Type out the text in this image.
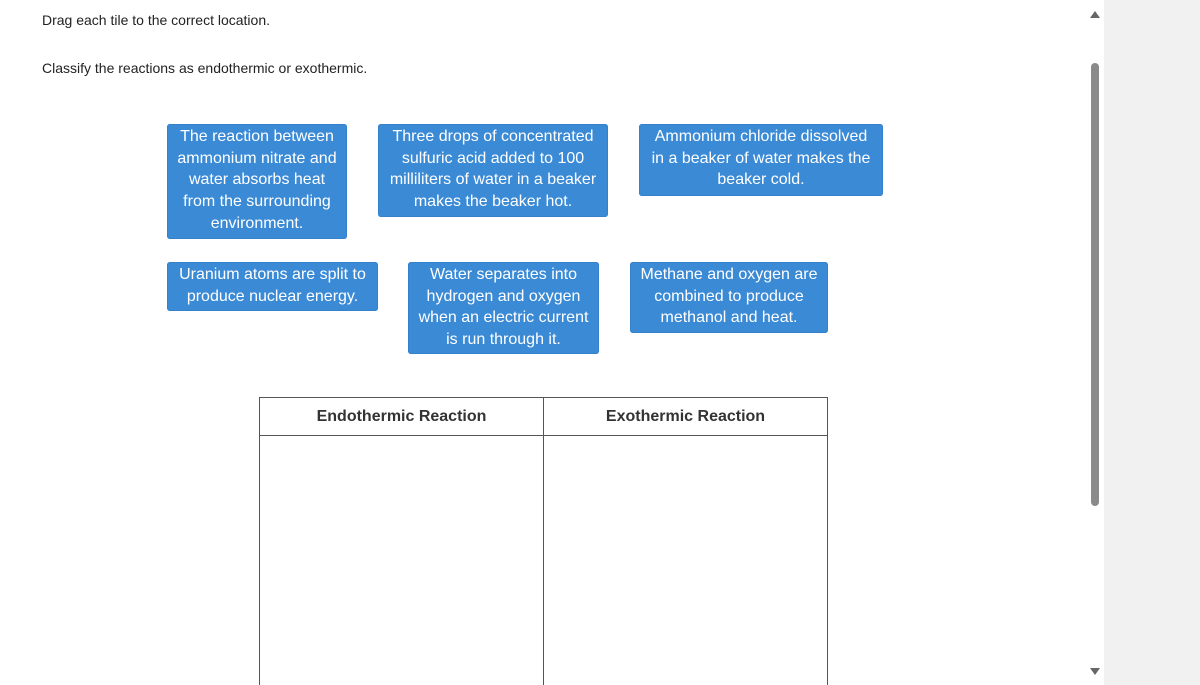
Drag each tile to the correct location.
Classify the reactions as endothermic or exothermic.
The reaction between
ammonium nitrate and
water absorbs heat
from the surrounding
environment.
Three drops of concentrated
sulfuric acid added to 100
milliliters of water in a beaker
makes the beaker hot.
Ammonium chloride dissolved
in a beaker of water makes the
beaker cold.
Uranium atoms are split to
produce nuclear energy.
Water separates into
hydrogen and oxygen
when an electric current
is run through it.
Methane and oxygen are
combined to produce
methanol and heat.
Endothermic Reaction	Exothermic Reaction
